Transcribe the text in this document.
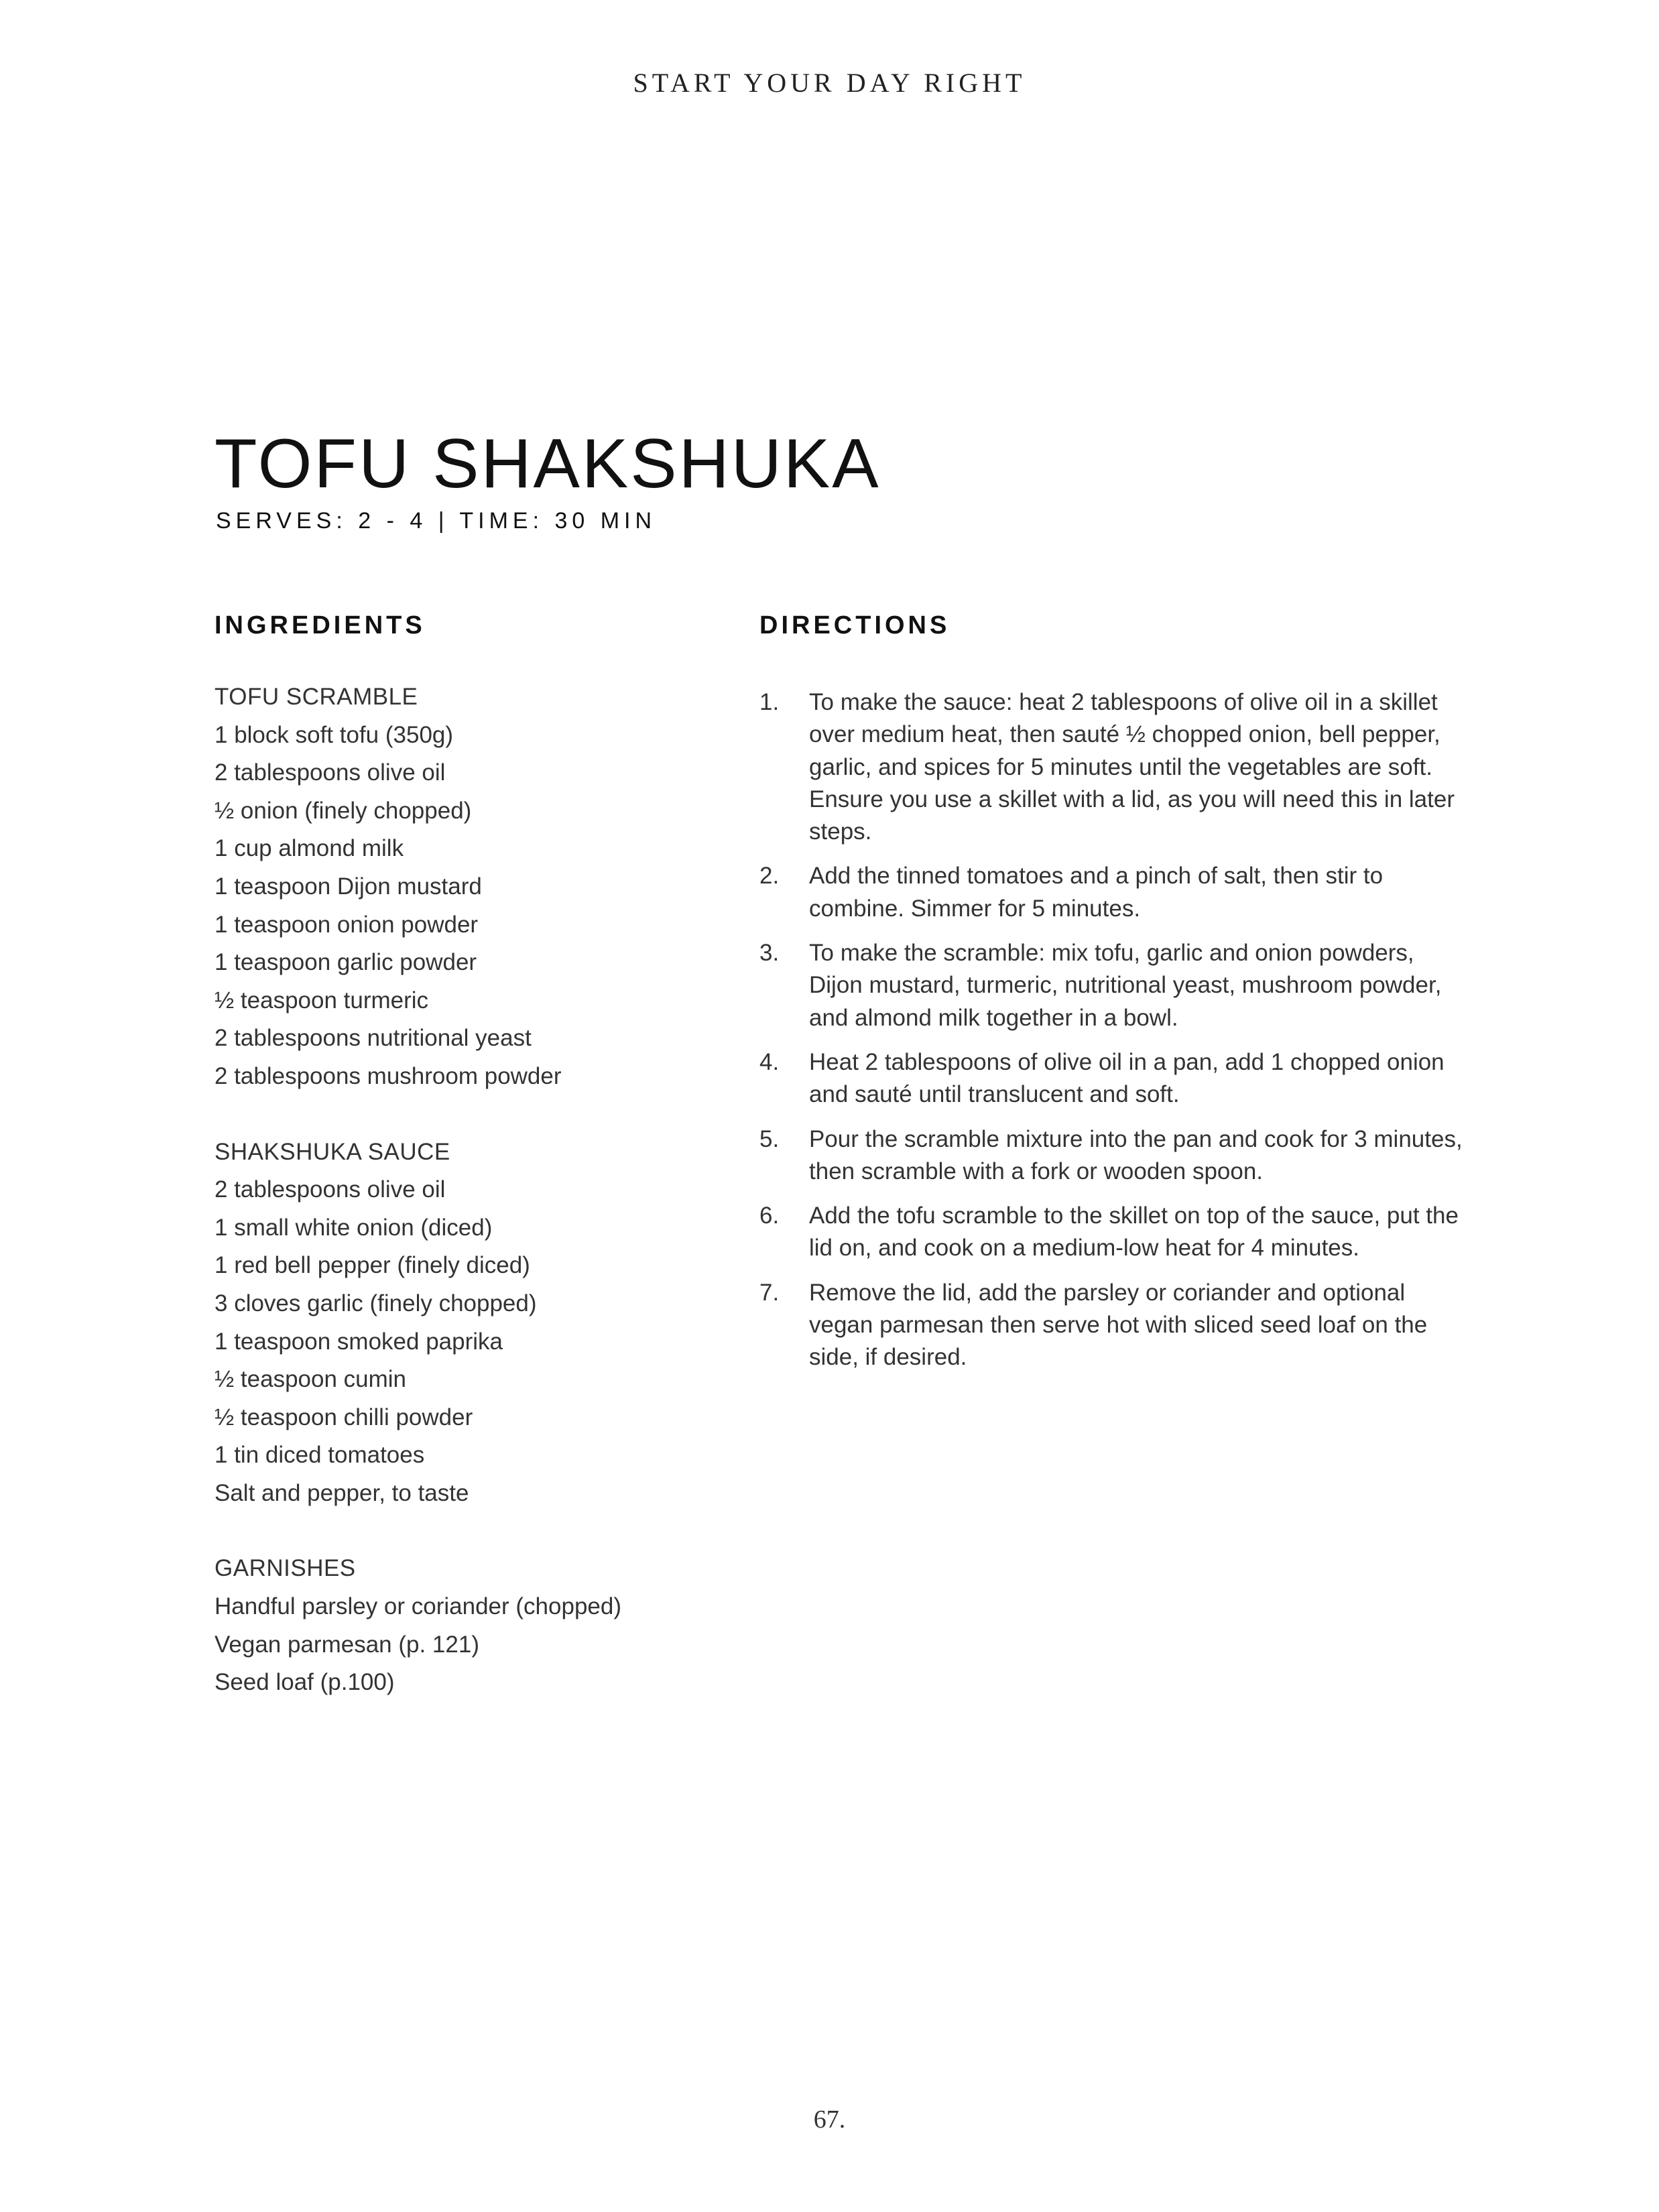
START YOUR DAY RIGHT
TOFU SHAKSHUKA
SERVES: 2 - 4 | TIME: 30 MIN
INGREDIENTS	DIRECTIONS
TOFU SCRAMBLE
1 block soft tofu (350g)
2 tablespoons olive oil
½ onion (finely chopped)
1 cup almond milk
1 teaspoon Dijon mustard
1 teaspoon onion powder
1 teaspoon garlic powder
½ teaspoon turmeric
2 tablespoons nutritional yeast
2 tablespoons mushroom powder
SHAKSHUKA SAUCE
2 tablespoons olive oil
1 small white onion (diced)
1 red bell pepper (finely diced)
3 cloves garlic (finely chopped)
1 teaspoon smoked paprika
½ teaspoon cumin
½ teaspoon chilli powder
1 tin diced tomatoes
Salt and pepper, to taste
GARNISHES
Handful parsley or coriander (chopped)
Vegan parmesan (p. 121)
Seed loaf (p.100)
1. To make the sauce: heat 2 tablespoons of olive oil in a skillet over medium heat, then sauté ½ chopped onion, bell pepper, garlic, and spices for 5 minutes until the vegetables are soft. Ensure you use a skillet with a lid, as you will need this in later steps.
2. Add the tinned tomatoes and a pinch of salt, then stir to combine. Simmer for 5 minutes.
3. To make the scramble: mix tofu, garlic and onion powders, Dijon mustard, turmeric, nutritional yeast, mushroom powder, and almond milk together in a bowl.
4. Heat 2 tablespoons of olive oil in a pan, add 1 chopped onion and sauté until translucent and soft.
5. Pour the scramble mixture into the pan and cook for 3 minutes, then scramble with a fork or wooden spoon.
6. Add the tofu scramble to the skillet on top of the sauce, put the lid on, and cook on a medium-low heat for 4 minutes.
7. Remove the lid, add the parsley or coriander and optional vegan parmesan then serve hot with sliced seed loaf on the side, if desired.
67.
